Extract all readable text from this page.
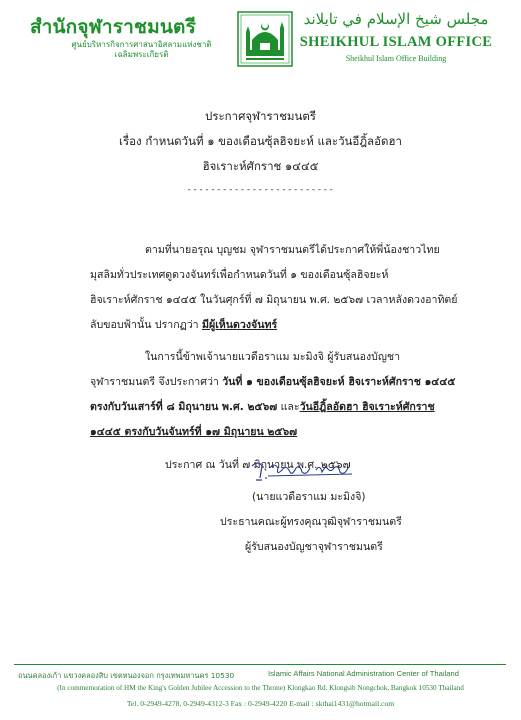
สำนักจุฬาราชมนตรี
ศูนย์บริหารกิจการศาสนาอิสลามแห่งชาติ
เฉลิมพระเกียรติ
مجلس شيخ الإسلام في تايلاند
SHEIKHUL ISLAM OFFICE
Sheikhul Islam Office Building
ประกาศจุฬาราชมนตรี
เรื่อง กำหนดวันที่ ๑ ของเดือนซุ้ลฮิจยะห์ และวันอีฎิ้ลอัดฮา
ฮิจเราะห์ศักราช ๑๔๔๕
-------------------------
ตามที่นายอรุณ บุญชม จุฬาราชมนตรีได้ประกาศให้พี่น้องชาวไทย
มุสลิมทั่วประเทศดูดวงจันทร์เพื่อกำหนดวันที่ ๑ ของเดือนซุ้ลฮิจยะห์
ฮิจเราะห์ศักราช ๑๔๔๕ ในวันศุกร์ที่ ๗ มิถุนายน พ.ศ. ๒๕๖๗ เวลาหลังดวงอาทิตย์
ลับขอบฟ้านั้น ปรากฏว่า มีผู้เห็นดวงจันทร์
ในการนี้ข้าพเจ้านายแวดือราแม มะมิงจิ ผู้รับสนองบัญชา
จุฬาราชมนตรี จึงประกาศว่า วันที่ ๑ ของเดือนซุ้ลฮิจยะห์ ฮิจเราะห์ศักราช ๑๔๔๕
ตรงกับวันเสาร์ที่ ๘ มิถุนายน พ.ศ. ๒๕๖๗ และวันอีฎิ้ลอัดฮา ฮิจเราะห์ศักราช
๑๔๔๕ ตรงกับวันจันทร์ที่ ๑๗ มิถุนายน ๒๕๖๗
ประกาศ ณ วันที่ ๗ มิถุนายน พ.ศ. ๒๕๖๗
(นายแวดือราแม มะมิงจิ)
ประธานคณะผู้ทรงคุณวุฒิจุฬาราชมนตรี
ผู้รับสนองบัญชาจุฬาราชมนตรี
ถนนคลองเก้า แขวงคลองสิบ เขตหนองจอก กรุงเทพมหานคร 10530	Islamic Affairs National Administration Center of Thailand
(In commemoration of HM the King's Golden Jubilee Accession to the Throne) Klongkao Rd. Klongsib Nongchok, Bangkok 10530 Thailand
Tel. 0-2949-4278, 0-2949-4312-3 Fax : 0-2949-4220 E-mail : skthai1431@hotmail.com
